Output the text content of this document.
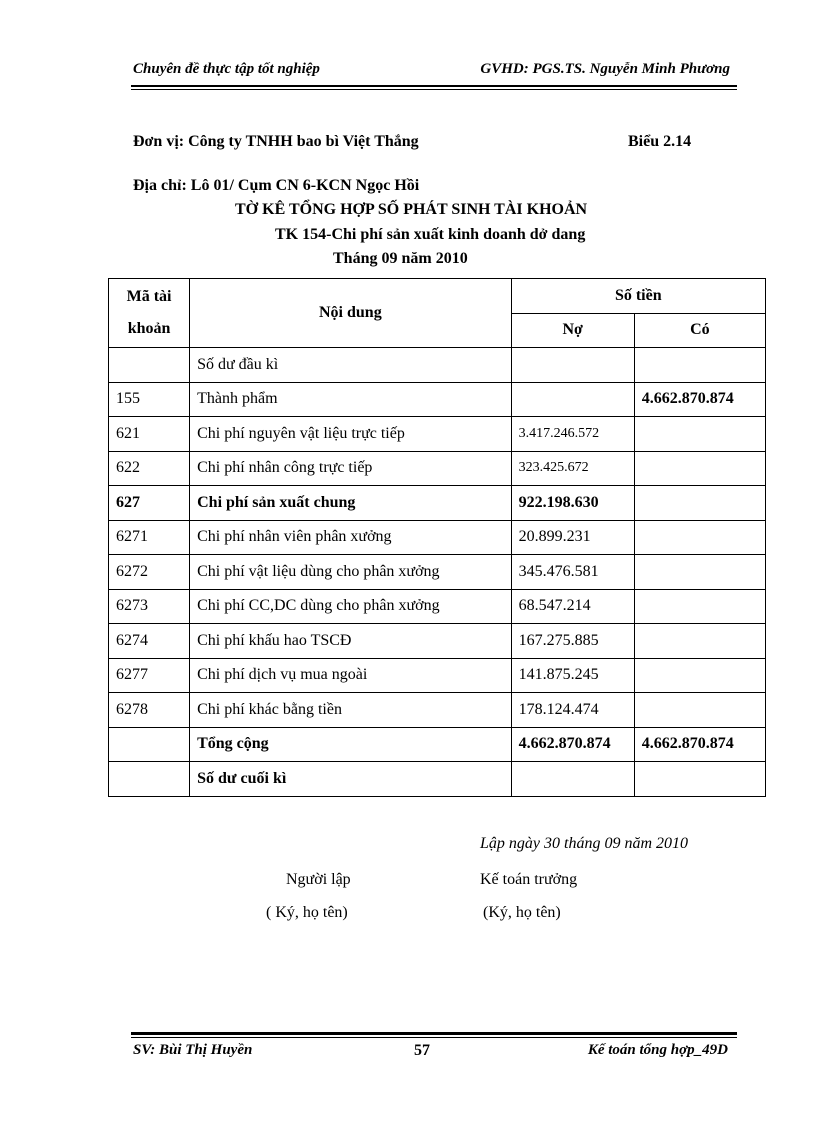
Chuyên đề thực tập tốt nghiệp	GVHD: PGS.TS. Nguyễn Minh Phương
Đơn vị: Công ty TNHH bao bì Việt Thắng	Biểu 2.14
Địa chỉ: Lô 01/ Cụm CN 6-KCN Ngọc Hồi
TỜ KÊ TỔNG HỢP SỐ PHÁT SINH TÀI KHOẢN
TK 154-Chi phí sản xuất kinh doanh dở dang
Tháng 09 năm 2010
Mã tài khoản	Nội dung	Số tiền	
		Nợ	Có
	Số dư đầu kì		
155	Thành phẩm		4.662.870.874
621	Chi phí nguyên vật liệu trực tiếp	3.417.246.572	
622	Chi phí nhân công trực tiếp	323.425.672	
627	Chi phí sản xuất chung	922.198.630	
6271	Chi phí nhân viên phân xưởng	20.899.231	
6272	Chi phí vật liệu dùng cho phân xưởng	345.476.581	
6273	Chi phí CC,DC dùng cho phân xưởng	68.547.214	
6274	Chi phí khấu hao TSCĐ	167.275.885	
6277	Chi phí dịch vụ mua ngoài	141.875.245	
6278	Chi phí khác bằng tiền	178.124.474	
	Tổng cộng	4.662.870.874	4.662.870.874
	Số dư cuối kì		
Lập ngày 30 tháng 09 năm 2010
Người lập	Kế toán trưởng
( Ký, họ tên)	(Ký, họ tên)
SV: Bùi Thị Huyền	57	Kế toán tổng hợp_49D
